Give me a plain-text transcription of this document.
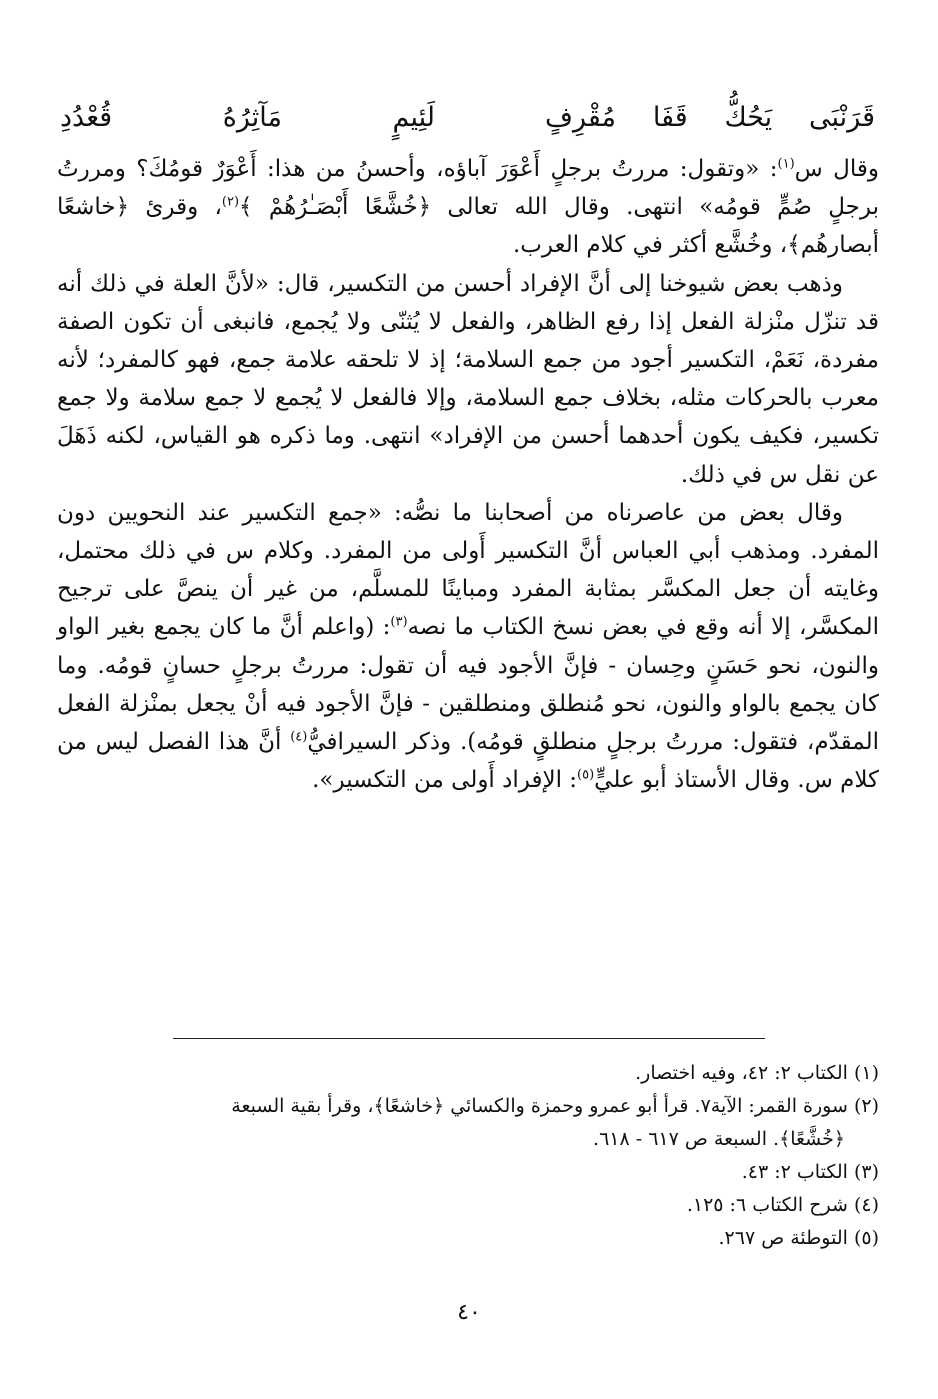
قَرَنْبَى يَحُكُّ قَفَا مُقْرِفٍ
لَئِيمٍ مَآثِرُهُ قُعْدُدِ

وقال س$^{(١)}$: «وتقول: مررتُ برجلٍ أَعْوَرَ آباؤه، وأحسنُ من هذا: أَعْوَرٌ قومُكَ؟ ومررتُ برجلٍ صُمٍّ قومُه» انتهى. وقال الله تعالى ﴿خُشَّعًا أَبْصَـٰرُهُمْ ﴾$^{(٢)}$، وقرئ ﴿خاشعًا أبصارهُم﴾، وخُشَّع أكثر في كلام العرب.

وذهب بعض شيوخنا إلى أنَّ الإفراد أحسن من التكسير، قال: «لأنَّ العلة في ذلك أنه قد تنزّل منْزلة الفعل إذا رفع الظاهر، والفعل لا يُثنّى ولا يُجمع، فانبغى أن تكون الصفة مفردة، نَعَمْ، التكسير أجود من جمع السلامة؛ إذ لا تلحقه علامة جمع، فهو كالمفرد؛ لأنه معرب بالحركات مثله، بخلاف جمع السلامة، وإلا فالفعل لا يُجمع لا جمع سلامة ولا جمع تكسير، فكيف يكون أحدهما أحسن من الإفراد» انتهى. وما ذكره هو القياس، لكنه ذَهَلَ عن نقل س في ذلك.

وقال بعض من عاصرناه من أصحابنا ما نصُّه: «جمع التكسير عند النحويين دون المفرد. ومذهب أبي العباس أنَّ التكسير أَولى من المفرد. وكلام س في ذلك محتمل، وغايته أن جعل المكسَّر بمثابة المفرد ومباينًا للمسلَّم، من غير أن ينصَّ على ترجيح المكسَّر، إلا أنه وقع في بعض نسخ الكتاب ما نصه$^{(٣)}$: (واعلم أنَّ ما كان يجمع بغير الواو والنون، نحو حَسَنٍ وحِسان - فإنَّ الأجود فيه أن تقول: مررتُ برجلٍ حسانٍ قومُه. وما كان يجمع بالواو والنون، نحو مُنطلق ومنطلقين - فإنَّ الأجود فيه أنْ يجعل بمنْزلة الفعل المقدّم، فتقول: مررتُ برجلٍ منطلقٍ قومُه). وذكر السيرافيُّ$^{(٤)}$ أنَّ هذا الفصل ليس من كلام س. وقال الأستاذ أبو عليٍّ$^{(٥)}$: الإفراد أَولى من التكسير».

(١) الكتاب ٢: ٤٢، وفيه اختصار.

(٢) سورة القمر: الآية٧. قرأ أبو عمرو وحمزة والكسائي ﴿خاشعًا﴾، وقرأ بقية السبعة
﴿خُشَّعًا﴾. السبعة ص ٦١٧ - ٦١٨.

(٣) الكتاب ٢: ٤٣.

(٤) شرح الكتاب ٦: ١٢٥.

(٥) التوطئة ص ٢٦٧.

٤٠
